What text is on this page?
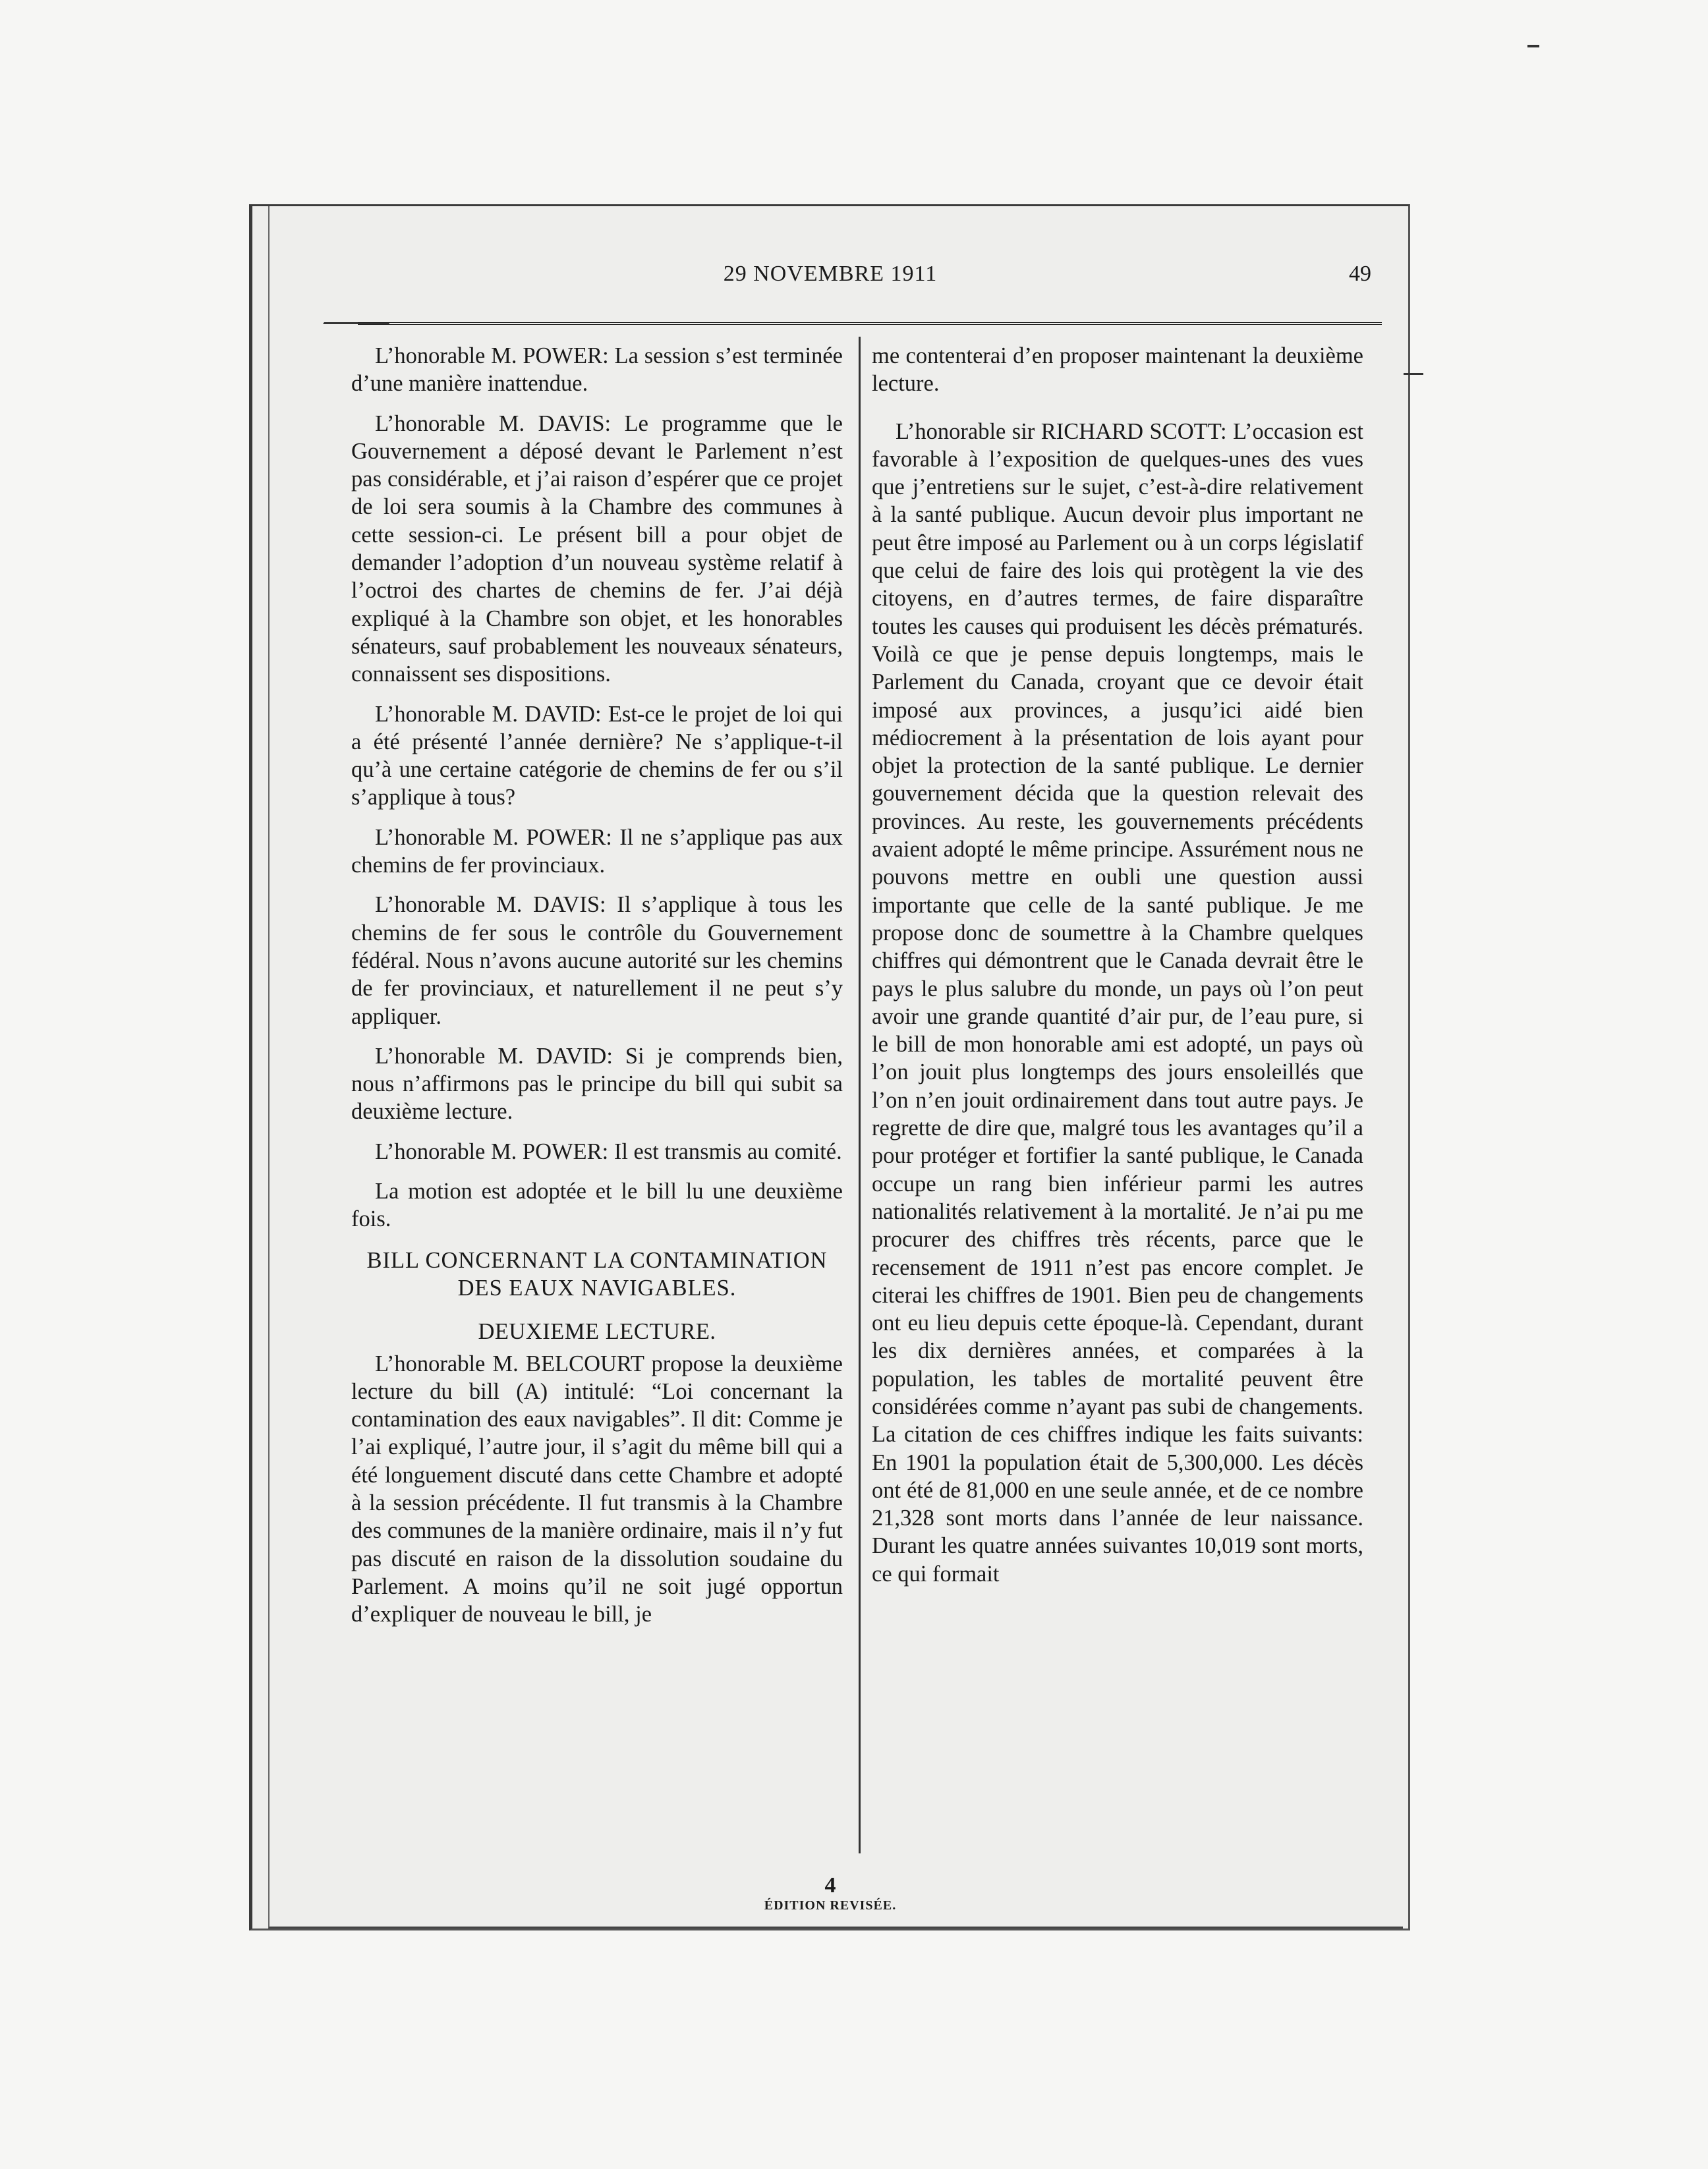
29 NOVEMBRE 1911	49

L’honorable M. POWER: La session s’est terminée d’une manière inattendue.

L’honorable M. DAVIS: Le programme que le Gouvernement a déposé devant le Parlement n’est pas considérable, et j’ai raison d’espérer que ce projet de loi sera soumis à la Chambre des communes à cette session-ci. Le présent bill a pour objet de demander l’adoption d’un nouveau système relatif à l’octroi des chartes de chemins de fer. J’ai déjà expliqué à la Chambre son objet, et les honorables sénateurs, sauf probablement les nouveaux sénateurs, connaissent ses dispositions.

L’honorable M. DAVID: Est-ce le projet de loi qui a été présenté l’année dernière? Ne s’applique-t-il qu’à une certaine catégorie de chemins de fer ou s’il s’applique à tous?

L’honorable M. POWER: Il ne s’applique pas aux chemins de fer provinciaux.

L’honorable M. DAVIS: Il s’applique à tous les chemins de fer sous le contrôle du Gouvernement fédéral. Nous n’avons aucune autorité sur les chemins de fer provinciaux, et naturellement il ne peut s’y appliquer.

L’honorable M. DAVID: Si je comprends bien, nous n’affirmons pas le principe du bill qui subit sa deuxième lecture.

L’honorable M. POWER: Il est transmis au comité.

La motion est adoptée et le bill lu une deuxième fois.

BILL CONCERNANT LA CONTAMINATION DES EAUX NAVIGABLES.

DEUXIEME LECTURE.

L’honorable M. BELCOURT propose la deuxième lecture du bill (A) intitulé: “Loi concernant la contamination des eaux navigables”. Il dit: Comme je l’ai expliqué, l’autre jour, il s’agit du même bill qui a été longuement discuté dans cette Chambre et adopté à la session précédente. Il fut transmis à la Chambre des communes de la manière ordinaire, mais il n’y fut pas discuté en raison de la dissolution soudaine du Parlement. A moins qu’il ne soit jugé opportun d’expliquer de nouveau le bill, je

me contenterai d’en proposer maintenant la deuxième lecture.

L’honorable sir RICHARD SCOTT: L’occasion est favorable à l’exposition de quelques-unes des vues que j’entretiens sur le sujet, c’est-à-dire relativement à la santé publique. Aucun devoir plus important ne peut être imposé au Parlement ou à un corps législatif que celui de faire des lois qui protègent la vie des citoyens, en d’autres termes, de faire disparaître toutes les causes qui produisent les décès prématurés. Voilà ce que je pense depuis longtemps, mais le Parlement du Canada, croyant que ce devoir était imposé aux provinces, a jusqu’ici aidé bien médiocrement à la présentation de lois ayant pour objet la protection de la santé publique. Le dernier gouvernement décida que la question relevait des provinces. Au reste, les gouvernements précédents avaient adopté le même principe. Assurément nous ne pouvons mettre en oubli une question aussi importante que celle de la santé publique. Je me propose donc de soumettre à la Chambre quelques chiffres qui démontrent que le Canada devrait être le pays le plus salubre du monde, un pays où l’on peut avoir une grande quantité d’air pur, de l’eau pure, si le bill de mon honorable ami est adopté, un pays où l’on jouit plus longtemps des jours ensoleillés que l’on n’en jouit ordinairement dans tout autre pays. Je regrette de dire que, malgré tous les avantages qu’il a pour protéger et fortifier la santé publique, le Canada occupe un rang bien inférieur parmi les autres nationalités relativement à la mortalité. Je n’ai pu me procurer des chiffres très récents, parce que le recensement de 1911 n’est pas encore complet. Je citerai les chiffres de 1901. Bien peu de changements ont eu lieu depuis cette époque-là. Cependant, durant les dix dernières années, et comparées à la population, les tables de mortalité peuvent être considérées comme n’ayant pas subi de changements. La citation de ces chiffres indique les faits suivants: En 1901 la population était de 5,300,000. Les décès ont été de 81,000 en une seule année, et de ce nombre 21,328 sont morts dans l’année de leur naissance. Durant les quatre années suivantes 10,019 sont morts, ce qui formait

4
ÉDITION REVISÉE.
